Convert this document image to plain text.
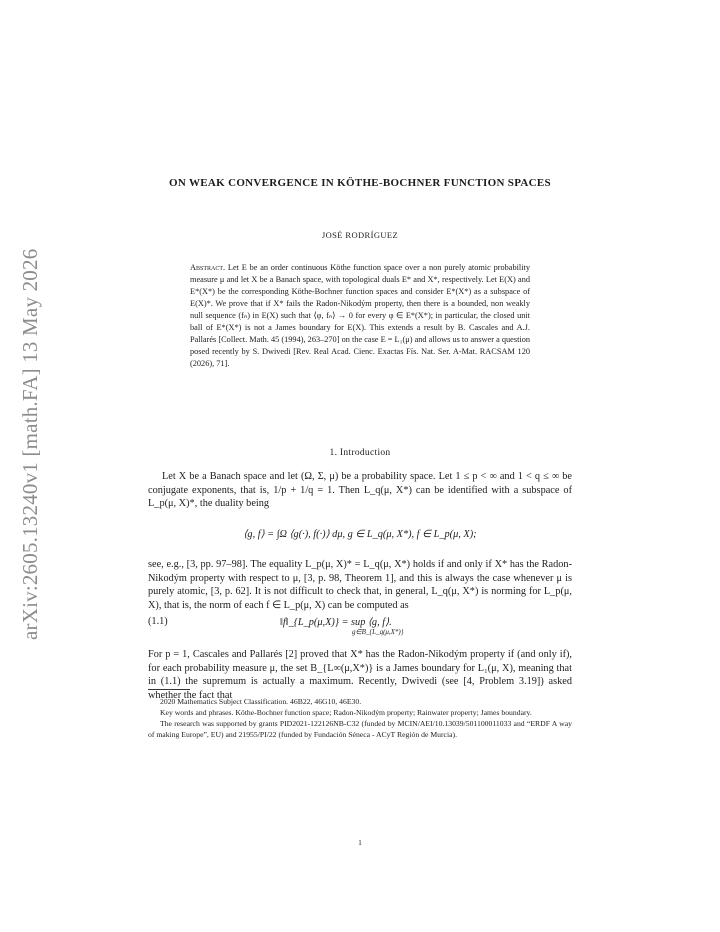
arXiv:2605.13240v1 [math.FA] 13 May 2026
ON WEAK CONVERGENCE IN KÖTHE-BOCHNER FUNCTION SPACES
JOSÉ RODRÍGUEZ
Abstract. Let E be an order continuous Köthe function space over a non purely atomic probability measure μ and let X be a Banach space, with topological duals E* and X*, respectively. Let E(X) and E*(X*) be the corresponding Köthe-Bochner function spaces and consider E*(X*) as a subspace of E(X)*. We prove that if X* fails the Radon-Nikodým property, then there is a bounded, non weakly null sequence (fₙ) in E(X) such that ⟨φ, fₙ⟩ → 0 for every φ ∈ E*(X*); in particular, the closed unit ball of E*(X*) is not a James boundary for E(X). This extends a result by B. Cascales and A.J. Pallarés [Collect. Math. 45 (1994), 263–270] on the case E = L₁(μ) and allows us to answer a question posed recently by S. Dwivedi [Rev. Real Acad. Cienc. Exactas Fís. Nat. Ser. A-Mat. RACSAM 120 (2026), 71].
1. Introduction
Let X be a Banach space and let (Ω, Σ, μ) be a probability space. Let 1 ≤ p < ∞ and 1 < q ≤ ∞ be conjugate exponents, that is, 1/p + 1/q = 1. Then L_q(μ, X*) can be identified with a subspace of L_p(μ, X)*, the duality being
⟨g, f⟩ = ∫Ω ⟨g(·), f(·)⟩ dμ, g ∈ L_q(μ, X*), f ∈ L_p(μ, X);
see, e.g., [3, pp. 97–98]. The equality L_p(μ, X)* = L_q(μ, X*) holds if and only if X* has the Radon-Nikodým property with respect to μ, [3, p. 98, Theorem 1], and this is always the case whenever μ is purely atomic, [3, p. 62]. It is not difficult to check that, in general, L_q(μ, X*) is norming for L_p(μ, X), that is, the norm of each f ∈ L_p(μ, X) can be computed as
(1.1)	‖f‖_{L_p(μ,X)} = sup ⟨g, f⟩.
g∈B_{L_q(μ,X*)}
For p = 1, Cascales and Pallarés [2] proved that X* has the Radon-Nikodým property if (and only if), for each probability measure μ, the set B_{L∞(μ,X*)} is a James boundary for L₁(μ, X), meaning that in (1.1) the supremum is actually a maximum. Recently, Dwivedi (see [4, Problem 3.19]) asked whether the fact that

2020 Mathematics Subject Classification. 46B22, 46G10, 46E30.

Key words and phrases. Köthe-Bochner function space; Radon-Nikodým property; Rainwater property; James boundary.

The research was supported by grants PID2021-122126NB-C32 (funded by MCIN/AEI/10.13039/501100011033 and “ERDF A way of making Europe”, EU) and 21955/PI/22 (funded by Fundación Séneca - ACyT Región de Murcia).

1
